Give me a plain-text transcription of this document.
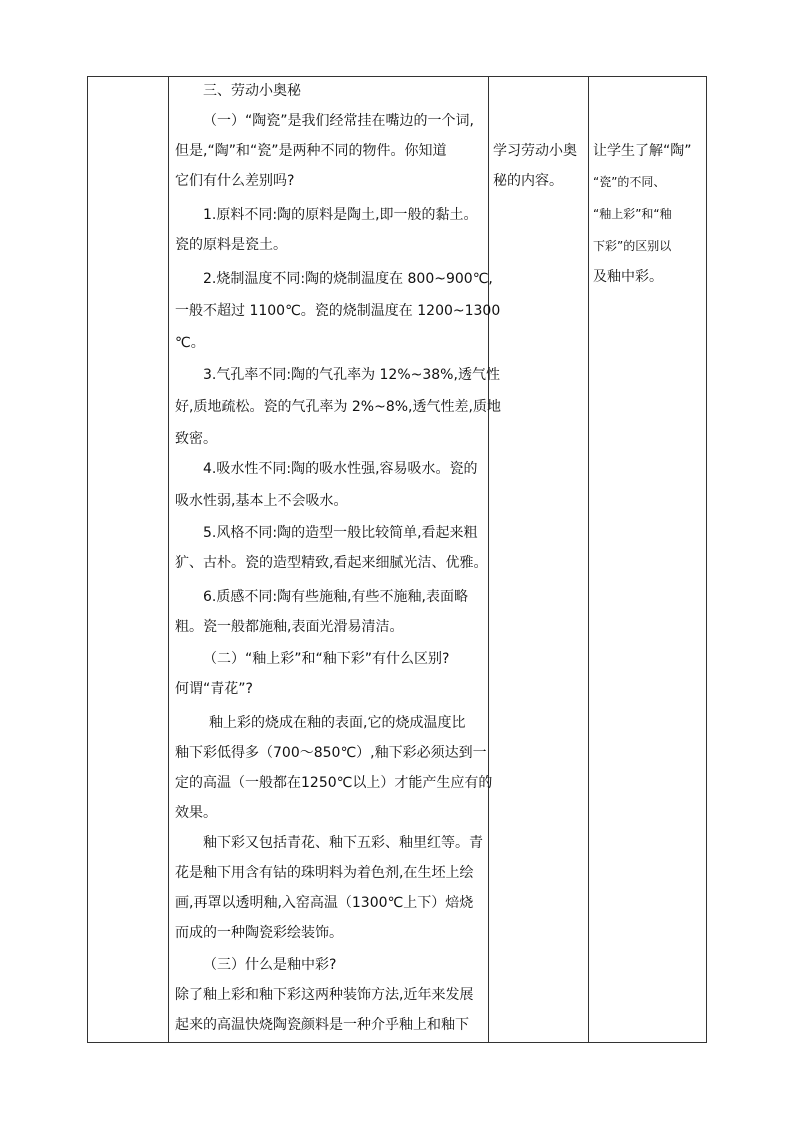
三、劳动小奥秘
（一）“陶瓷”是我们经常挂在嘴边的一个词,
但是,“陶”和“瓷”是两种不同的物件。你知道
它们有什么差别吗?
1.原料不同:陶的原料是陶土,即一般的黏土。
瓷的原料是瓷土。
2.烧制温度不同:陶的烧制温度在 800~900℃,
一般不超过 1100℃。瓷的烧制温度在 1200~1300
℃。
3.气孔率不同:陶的气孔率为 12%~38%,透气性
好,质地疏松。瓷的气孔率为 2%~8%,透气性差,质地
致密。
4.吸水性不同:陶的吸水性强,容易吸水。瓷的
吸水性弱,基本上不会吸水。
5.风格不同:陶的造型一般比较简单,看起来粗
犷、古朴。瓷的造型精致,看起来细腻光洁、优雅。
6.质感不同:陶有些施釉,有些不施釉,表面略
粗。瓷一般都施釉,表面光滑易清洁。
（二）“釉上彩”和“釉下彩”有什么区别?
何谓“青花”?
釉上彩的烧成在釉的表面,它的烧成温度比
釉下彩低得多（700～850℃）,釉下彩必须达到一
定的高温（一般都在1250℃以上）才能产生应有的
效果。
釉下彩又包括青花、釉下五彩、釉里红等。青
花是釉下用含有钴的珠明料为着色剂,在生坯上绘
画,再罩以透明釉,入窑高温（1300℃上下）焙烧
而成的一种陶瓷彩绘装饰。
（三）什么是釉中彩?
除了釉上彩和釉下彩这两种装饰方法,近年来发展
起来的高温快烧陶瓷颜料是一种介乎釉上和釉下
学习劳动小奥
秘的内容。
让学生了解“陶”
“瓷”的不同、
“釉上彩”和“釉
下彩”的区别以
及釉中彩。
